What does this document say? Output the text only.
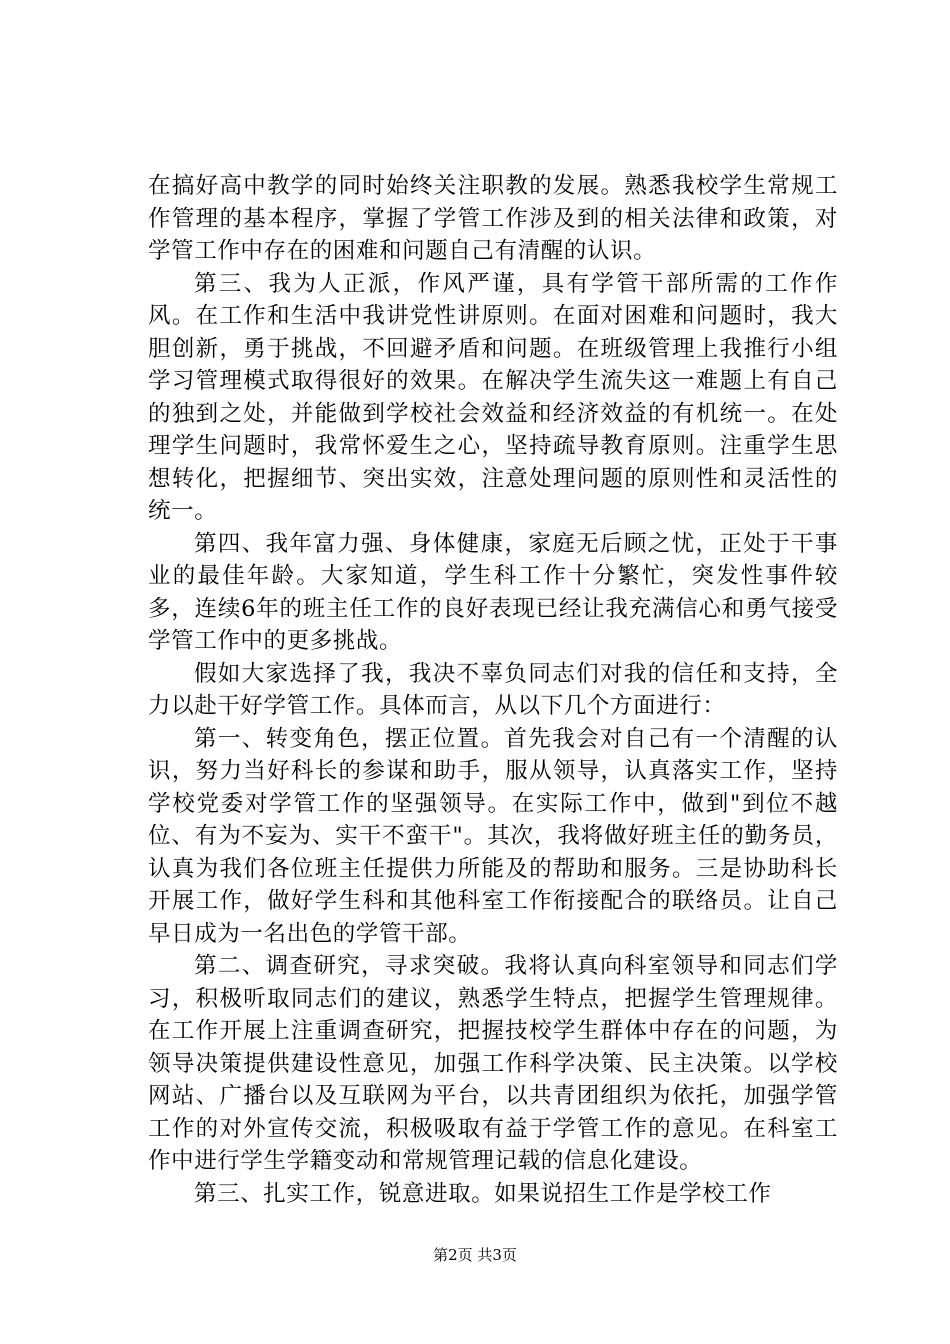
在搞好高中教学的同时始终关注职教的发展。熟悉我校学生常规工作管理的基本程序，掌握了学管工作涉及到的相关法律和政策，对学管工作中存在的困难和问题自己有清醒的认识。

第三、我为人正派，作风严谨，具有学管干部所需的工作作风。在工作和生活中我讲党性讲原则。在面对困难和问题时，我大胆创新，勇于挑战，不回避矛盾和问题。在班级管理上我推行小组学习管理模式取得很好的效果。在解决学生流失这一难题上有自己的独到之处，并能做到学校社会效益和经济效益的有机统一。在处理学生问题时，我常怀爱生之心，坚持疏导教育原则。注重学生思想转化，把握细节、突出实效，注意处理问题的原则性和灵活性的统一。

第四、我年富力强、身体健康，家庭无后顾之忧，正处于干事业的最佳年龄。大家知道，学生科工作十分繁忙，突发性事件较多，连续6年的班主任工作的良好表现已经让我充满信心和勇气接受学管工作中的更多挑战。

假如大家选择了我，我决不辜负同志们对我的信任和支持，全力以赴干好学管工作。具体而言，从以下几个方面进行：

第一、转变角色，摆正位置。首先我会对自己有一个清醒的认识，努力当好科长的参谋和助手，服从领导，认真落实工作，坚持学校党委对学管工作的坚强领导。在实际工作中，做到"到位不越位、有为不妄为、实干不蛮干"。其次，我将做好班主任的勤务员，认真为我们各位班主任提供力所能及的帮助和服务。三是协助科长开展工作，做好学生科和其他科室工作衔接配合的联络员。让自己早日成为一名出色的学管干部。

第二、调查研究，寻求突破。我将认真向科室领导和同志们学习，积极听取同志们的建议，熟悉学生特点，把握学生管理规律。在工作开展上注重调查研究，把握技校学生群体中存在的问题，为领导决策提供建设性意见，加强工作科学决策、民主决策。以学校网站、广播台以及互联网为平台，以共青团组织为依托，加强学管工作的对外宣传交流，积极吸取有益于学管工作的意见。在科室工作中进行学生学籍变动和常规管理记载的信息化建设。

第三、扎实工作，锐意进取。如果说招生工作是学校工作

第2页 共3页
